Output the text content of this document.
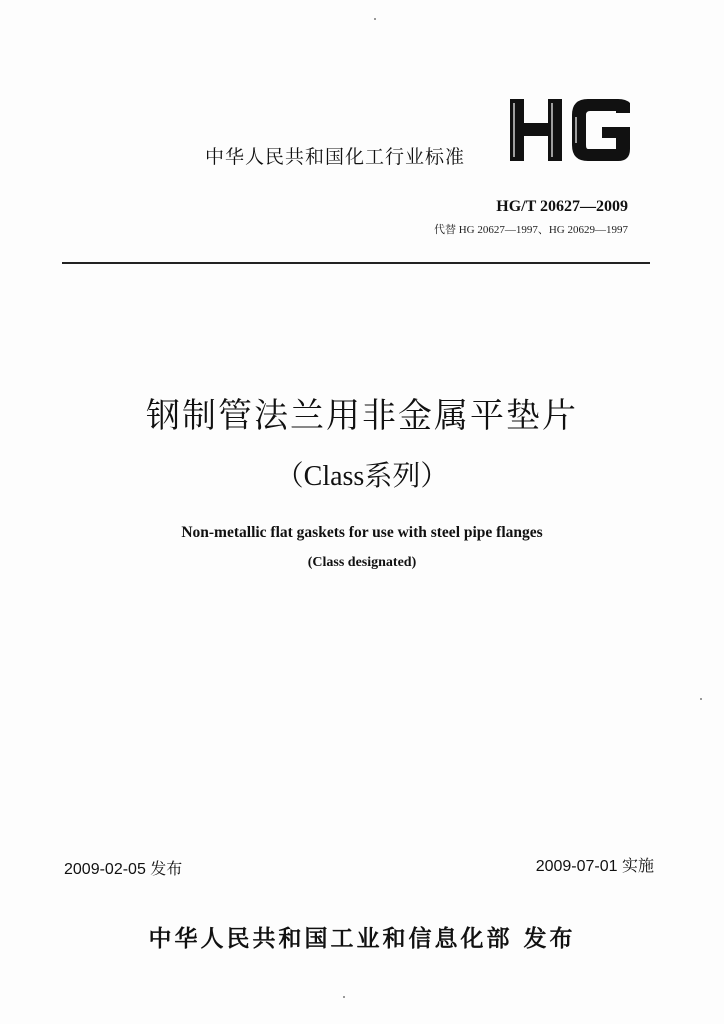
中华人民共和国化工行业标准
HG/T 20627—2009
代替 HG 20627—1997、HG 20629—1997
钢制管法兰用非金属平垫片
（Class系列）
Non-metallic flat gaskets for use with steel pipe flanges
(Class designated)
2009-02-05 发布	2009-07-01 实施
中华人民共和国工业和信息化部 发布
